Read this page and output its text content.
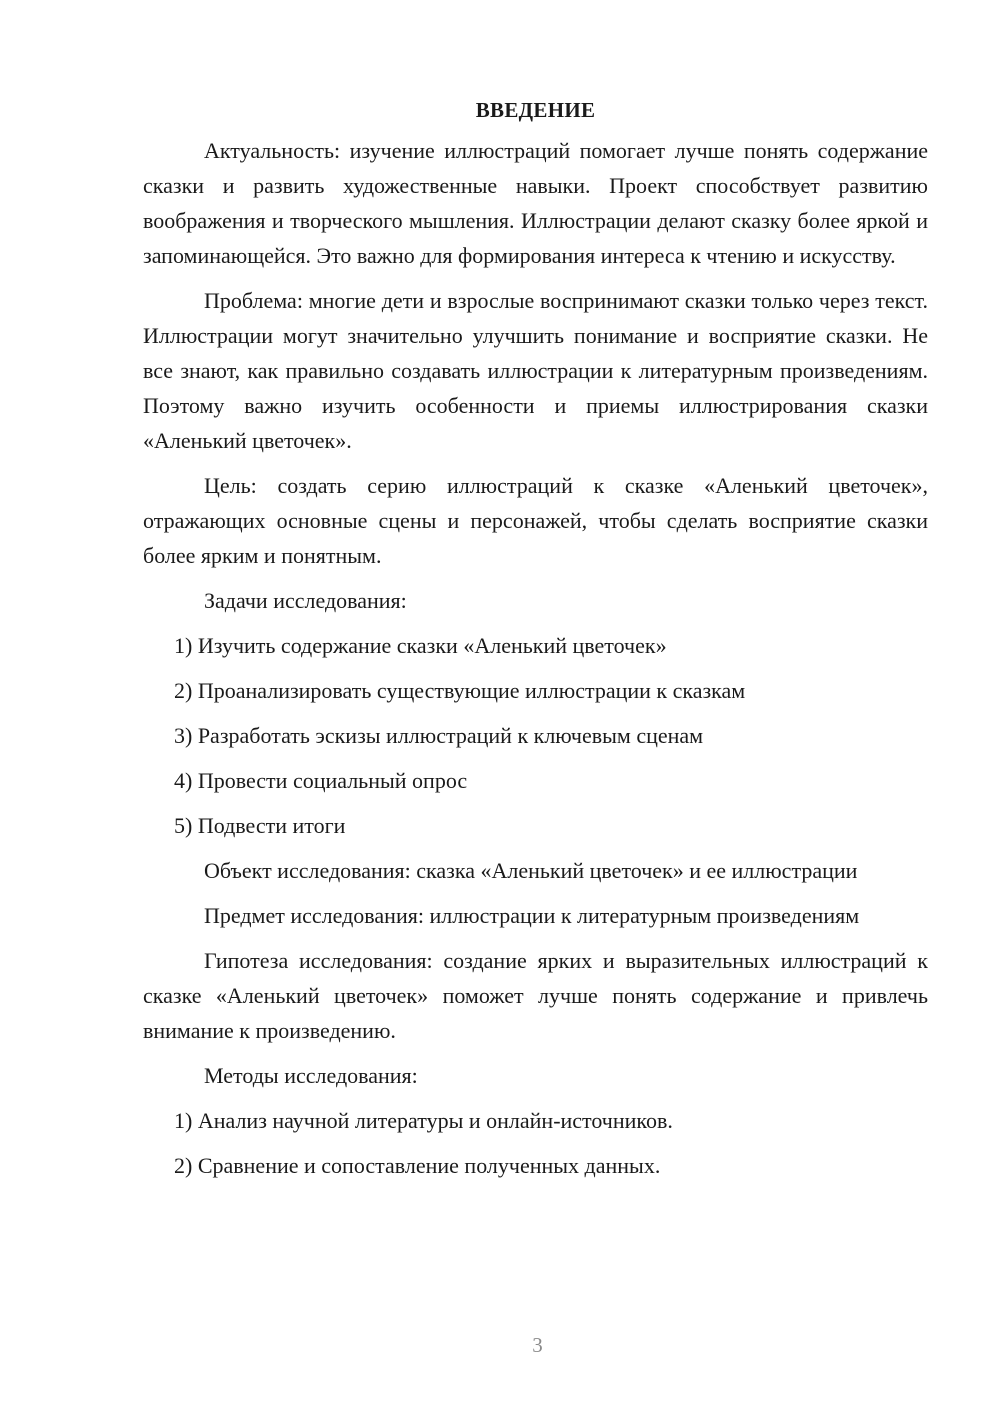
ВВЕДЕНИЕ

Актуальность: изучение иллюстраций помогает лучше понять содержание сказки и развить художественные навыки. Проект способствует развитию воображения и творческого мышления. Иллюстрации делают сказку более яркой и запоминающейся. Это важно для формирования интереса к чтению и искусству.

Проблема: многие дети и взрослые воспринимают сказки только через текст. Иллюстрации могут значительно улучшить понимание и восприятие сказки. Не все знают, как правильно создавать иллюстрации к литературным произведениям. Поэтому важно изучить особенности и приемы иллюстрирования сказки «Аленький цветочек».

Цель: создать серию иллюстраций к сказке «Аленький цветочек», отражающих основные сцены и персонажей, чтобы сделать восприятие сказки более ярким и понятным.

Задачи исследования:

1) Изучить содержание сказки «Аленький цветочек»
2) Проанализировать существующие иллюстрации к сказкам
3) Разработать эскизы иллюстраций к ключевым сценам
4) Провести социальный опрос
5) Подвести итоги

Объект исследования: сказка «Аленький цветочек» и ее иллюстрации

Предмет исследования: иллюстрации к литературным произведениям

Гипотеза исследования: создание ярких и выразительных иллюстраций к сказке «Аленький цветочек» поможет лучше понять содержание и привлечь внимание к произведению.

Методы исследования:

1) Анализ научной литературы и онлайн-источников.
2) Сравнение и сопоставление полученных данных.
3
